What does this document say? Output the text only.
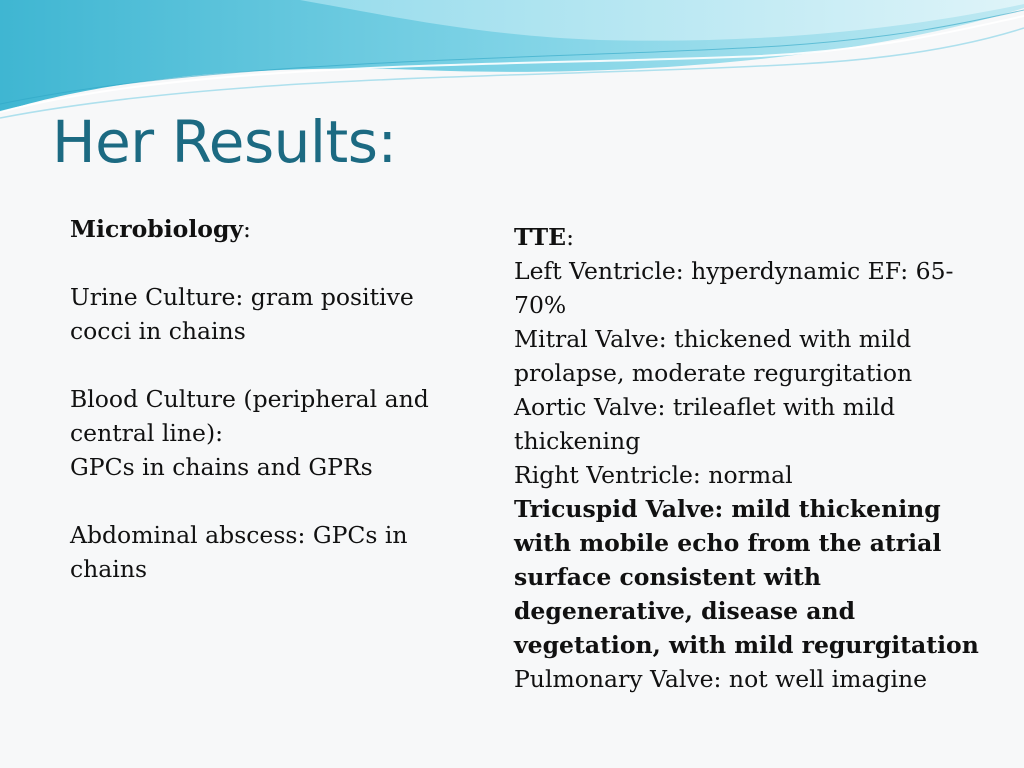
Her Results:

Microbiology:

Urine Culture: gram positive cocci in chains

Blood Culture (peripheral and central line):

GPCs in chains and GPRs

Abdominal abscess: GPCs in chains

TTE:

Left Ventricle: hyperdynamic EF: 65-70%

Mitral Valve: thickened with mild prolapse, moderate regurgitation

Aortic Valve: trileaflet with mild thickening

Right Ventricle: normal

Tricuspid Valve: mild thickening with mobile echo from the atrial surface consistent with degenerative, disease and vegetation, with mild regurgitation

Pulmonary Valve: not well imagine
